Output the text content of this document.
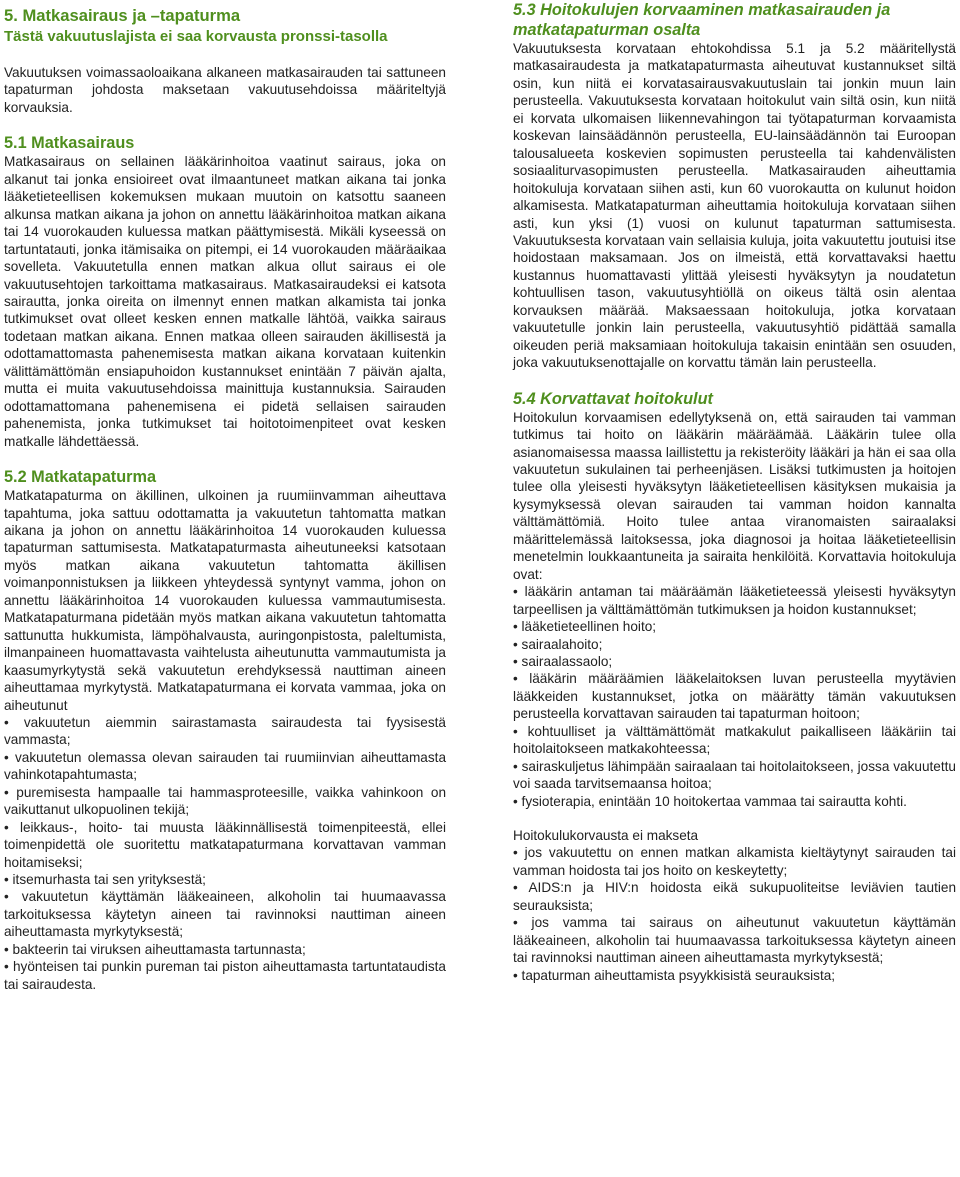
5. Matkasairaus ja –tapaturma
Tästä vakuutuslajista ei saa korvausta pronssi-tasolla

Vakuutuksen voimassaoloaikana alkaneen matkasairauden tai sattuneen tapaturman johdosta maksetaan vakuutusehdoissa määriteltyjä korvauksia.

5.1 Matkasairaus

Matkasairaus on sellainen lääkärinhoitoa vaatinut sairaus, joka on alkanut tai jonka ensioireet ovat ilmaantuneet matkan aikana tai jonka lääketieteellisen kokemuksen mukaan muutoin on katsottu saaneen alkunsa matkan aikana ja johon on annettu lääkärinhoitoa matkan aikana tai 14 vuorokauden kuluessa matkan päättymisestä. Mikäli kyseessä on tartuntatauti, jonka itämisaika on pitempi, ei 14 vuorokauden määräaikaa sovelleta. Vakuutetulla ennen matkan alkua ollut sairaus ei ole vakuutusehtojen tarkoittama matkasairaus. Matkasairaudeksi ei katsota sairautta, jonka oireita on ilmennyt ennen matkan alkamista tai jonka tutkimukset ovat olleet kesken ennen matkalle lähtöä, vaikka sairaus todetaan matkan aikana. Ennen matkaa olleen sairauden äkillisestä ja odottamattomasta pahenemisesta matkan aikana korvataan kuitenkin välittämättömän ensiapuhoidon kustannukset enintään 7 päivän ajalta, mutta ei muita vakuutusehdoissa mainittuja kustannuksia. Sairauden odottamattomana pahenemisena ei pidetä sellaisen sairauden pahenemista, jonka tutkimukset tai hoitotoimenpiteet ovat kesken matkalle lähdettäessä.

5.2 Matkatapaturma

Matkatapaturma on äkillinen, ulkoinen ja ruumiinvamman aiheuttava tapahtuma, joka sattuu odottamatta ja vakuutetun tahtomatta matkan aikana ja johon on annettu lääkärinhoitoa 14 vuorokauden kuluessa tapaturman sattumisesta. Matkatapaturmasta aiheutuneeksi katsotaan myös matkan aikana vakuutetun tahtomatta äkillisen voimanponnistuksen ja liikkeen yhteydessä syntynyt vamma, johon on annettu lääkärinhoitoa 14 vuorokauden kuluessa vammautumisesta. Matkatapaturmana pidetään myös matkan aikana vakuutetun tahtomatta sattunutta hukkumista, lämpöhalvausta, auringonpistosta, paleltumista, ilmanpaineen huomattavasta vaihtelusta aiheutunutta vammautumista ja kaasumyrkytystä sekä vakuutetun erehdyksessä nauttiman aineen aiheuttamaa myrkytystä. Matkatapaturmana ei korvata vammaa, joka on aiheutunut

• vakuutetun aiemmin sairastamasta sairaudesta tai fyysisestä vammasta;

• vakuutetun olemassa olevan sairauden tai ruumiinvian aiheuttamasta vahinkotapahtumasta;

• puremisesta hampaalle tai hammasproteesille, vaikka vahinkoon on vaikuttanut ulkopuolinen tekijä;

• leikkaus-, hoito- tai muusta lääkinnällisestä toimenpiteestä, ellei toimenpidettä ole suoritettu matkatapaturmana korvattavan vamman hoitamiseksi;

• itsemurhasta tai sen yrityksestä;

• vakuutetun käyttämän lääkeaineen, alkoholin tai huumaavassa tarkoituksessa käytetyn aineen tai ravinnoksi nauttiman aineen aiheuttamasta myrkytyksestä;

• bakteerin tai viruksen aiheuttamasta tartunnasta;

• hyönteisen tai punkin pureman tai piston aiheuttamasta tartuntataudista tai sairaudesta.

5.3 Hoitokulujen korvaaminen matkasairauden ja matkatapaturman osalta

Vakuutuksesta korvataan ehtokohdissa 5.1 ja 5.2 määritellystä matkasairaudesta ja matkatapaturmasta aiheutuvat kustannukset siltä osin, kun niitä ei korvatasairausvakuutuslain tai jonkin muun lain perusteella. Vakuutuksesta korvataan hoitokulut vain siltä osin, kun niitä ei korvata ulkomaisen liikennevahingon tai työtapaturman korvaamista koskevan lainsäädännön perusteella, EU-lainsäädännön tai Euroopan talousalueeta koskevien sopimusten perusteella tai kahdenvälisten sosiaaliturvasopimusten perusteella. Matkasairauden aiheuttamia hoitokuluja korvataan siihen asti, kun 60 vuorokautta on kulunut hoidon alkamisesta. Matkatapaturman aiheuttamia hoitokuluja korvataan siihen asti, kun yksi (1) vuosi on kulunut tapaturman sattumisesta. Vakuutuksesta korvataan vain sellaisia kuluja, joita vakuutettu joutuisi itse hoidostaan maksamaan. Jos on ilmeistä, että korvattavaksi haettu kustannus huomattavasti ylittää yleisesti hyväksytyn ja noudatetun kohtuullisen tason, vakuutusyhtiöllä on oikeus tältä osin alentaa korvauksen määrää. Maksaessaan hoitokuluja, jotka korvataan vakuutetulle jonkin lain perusteella, vakuutusyhtiö pidättää samalla oikeuden periä maksamiaan hoitokuluja takaisin enintään sen osuuden, joka vakuutuksenottajalle on korvattu tämän lain perusteella.

5.4 Korvattavat hoitokulut

Hoitokulun korvaamisen edellytyksenä on, että sairauden tai vamman tutkimus tai hoito on lääkärin määräämää. Lääkärin tulee olla asianomaisessa maassa laillistettu ja rekisteröity lääkäri ja hän ei saa olla vakuutetun sukulainen tai perheenjäsen. Lisäksi tutkimusten ja hoitojen tulee olla yleisesti hyväksytyn lääketieteellisen käsityksen mukaisia ja kysymyksessä olevan sairauden tai vamman hoidon kannalta välttämättömiä. Hoito tulee antaa viranomaisten sairaalaksi määrittelemässä laitoksessa, joka diagnosoi ja hoitaa lääketieteellisin menetelmin loukkaantuneita ja sairaita henkilöitä. Korvattavia hoitokuluja ovat:

• lääkärin antaman tai määräämän lääketieteessä yleisesti hyväksytyn tarpeellisen ja välttämättömän tutkimuksen ja hoidon kustannukset;

• lääketieteellinen hoito;

• sairaalahoito;

• sairaalassaolo;

• lääkärin määräämien lääkelaitoksen luvan perusteella myytävien lääkkeiden kustannukset, jotka on määrätty tämän vakuutuksen perusteella korvattavan sairauden tai tapaturman hoitoon;

• kohtuulliset ja välttämättömät matkakulut paikalliseen lääkäriin tai hoitolaitokseen matkakohteessa;

• sairaskuljetus lähimpään sairaalaan tai hoitolaitokseen, jossa vakuutettu voi saada tarvitsemaansa hoitoa;

• fysioterapia, enintään 10 hoitokertaa vammaa tai sairautta kohti.

Hoitokulukorvausta ei makseta

• jos vakuutettu on ennen matkan alkamista kieltäytynyt sairauden tai vamman hoidosta tai jos hoito on keskeytetty;

• AIDS:n ja HIV:n hoidosta eikä sukupuoliteitse leviävien tautien seurauksista;

• jos vamma tai sairaus on aiheutunut vakuutetun käyttämän lääkeaineen, alkoholin tai huumaavassa tarkoituksessa käytetyn aineen tai ravinnoksi nauttiman aineen aiheuttamasta myrkytyksestä;

• tapaturman aiheuttamista psyykkisistä seurauksista;
